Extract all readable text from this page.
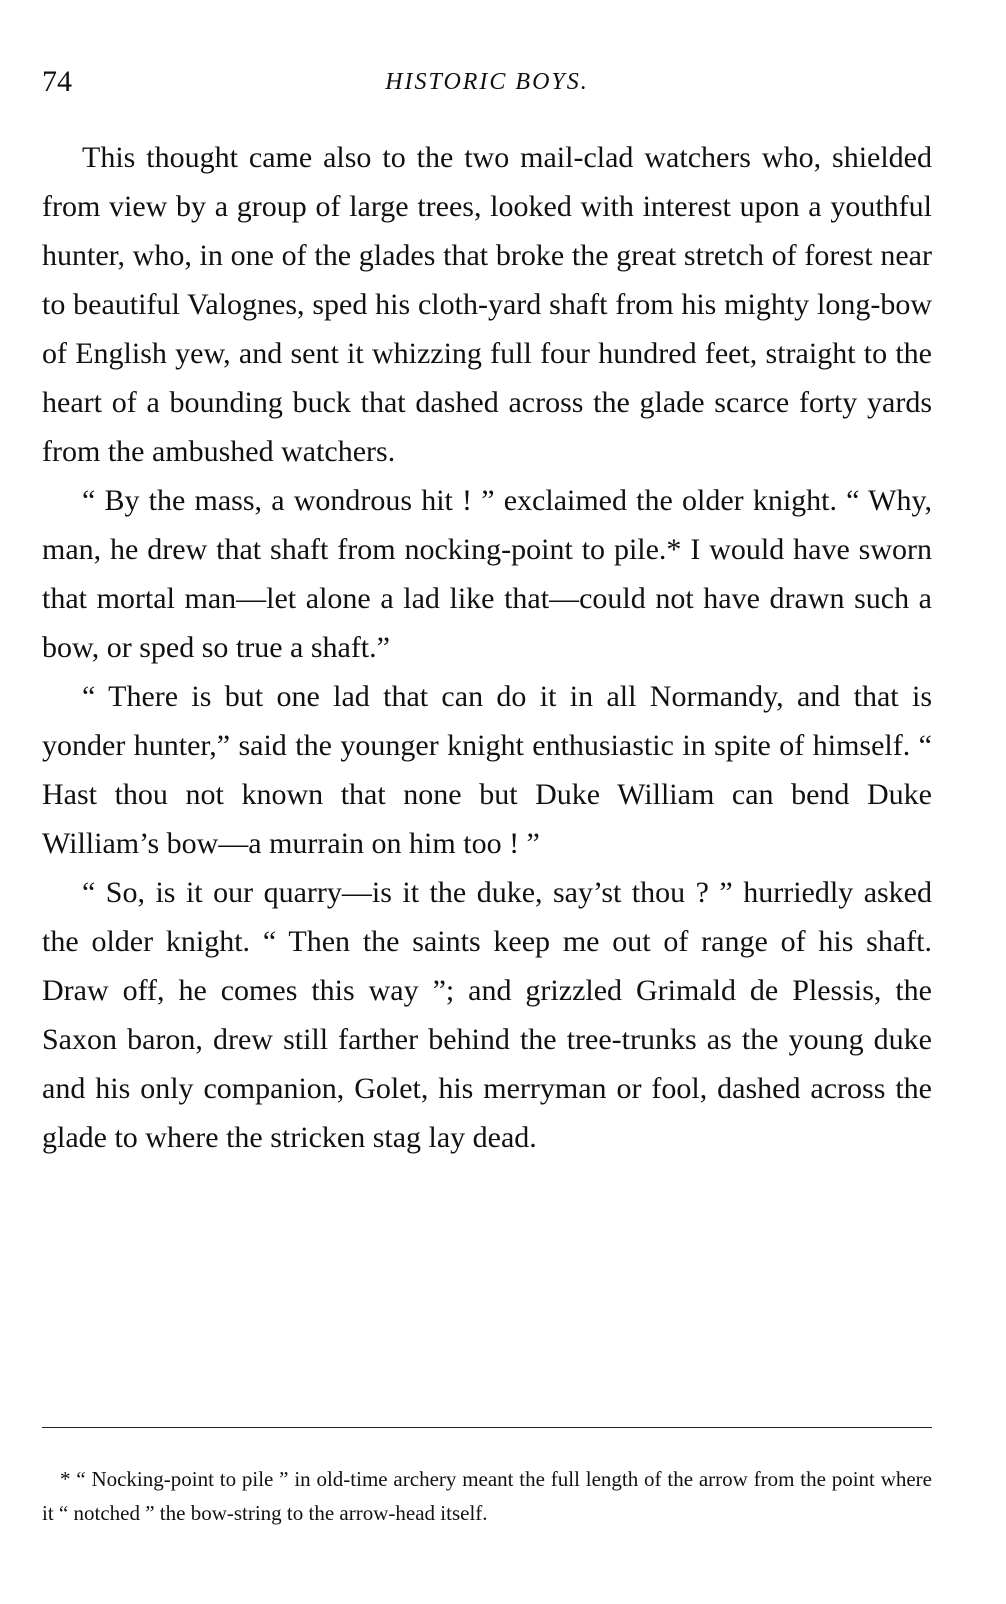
74	HISTORIC BOYS.

This thought came also to the two mail-clad watchers who, shielded from view by a group of large trees, looked with interest upon a youthful hunter, who, in one of the glades that broke the great stretch of forest near to beautiful Valognes, sped his cloth-yard shaft from his mighty long-bow of English yew, and sent it whizzing full four hundred feet, straight to the heart of a bounding buck that dashed across the glade scarce forty yards from the ambushed watchers.

“ By the mass, a wondrous hit ! ” exclaimed the older knight. “ Why, man, he drew that shaft from nocking-point to pile.* I would have sworn that mortal man—let alone a lad like that—could not have drawn such a bow, or sped so true a shaft.”

“ There is but one lad that can do it in all Normandy, and that is yonder hunter,” said the younger knight enthusiastic in spite of himself. “ Hast thou not known that none but Duke William can bend Duke William’s bow—a murrain on him too ! ”

“ So, is it our quarry—is it the duke, say’st thou ? ” hurriedly asked the older knight. “ Then the saints keep me out of range of his shaft. Draw off, he comes this way ”; and grizzled Grimald de Plessis, the Saxon baron, drew still farther behind the tree-trunks as the young duke and his only companion, Golet, his merryman or fool, dashed across the glade to where the stricken stag lay dead.

* “ Nocking-point to pile ” in old-time archery meant the full length of the arrow from the point where it “ notched ” the bow-string to the arrow-head itself.
